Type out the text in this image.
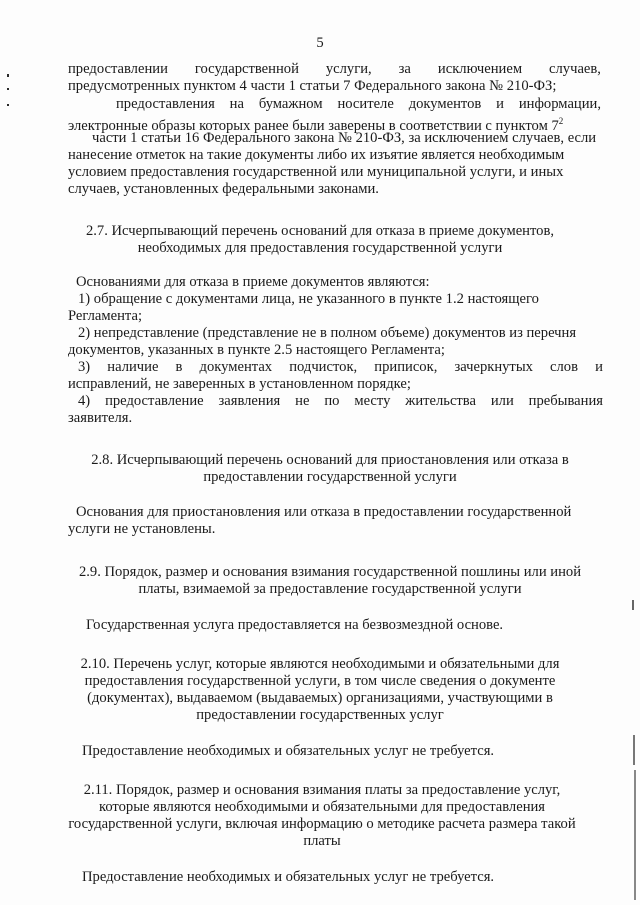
5
предоставлении государственной услуги, за исключением случаев,
предусмотренных пунктом 4 части 1 статьи 7 Федерального закона № 210-ФЗ;
предоставления на бумажном носителе документов и информации,
электронные образы которых ранее были заверены в соответствии с пунктом $7^2$
части 1 статьи 16 Федерального закона № 210-ФЗ, за исключением случаев, если
нанесение отметок на такие документы либо их изъятие является необходимым
условием предоставления государственной или муниципальной услуги, и иных
случаев, установленных федеральными законами.
2.7. Исчерпывающий перечень оснований для отказа в приеме документов,
необходимых для предоставления государственной услуги
Основаниями для отказа в приеме документов являются:
1) обращение с документами лица, не указанного в пункте 1.2 настоящего
Регламента;
2) непредставление (представление не в полном объеме) документов из перечня
документов, указанных в пункте 2.5 настоящего Регламента;
3) наличие в документах подчисток, приписок, зачеркнутых слов и
исправлений, не заверенных в установленном порядке;
4) предоставление заявления не по месту жительства или пребывания
заявителя.
2.8. Исчерпывающий перечень оснований для приостановления или отказа в
предоставлении государственной услуги
Основания для приостановления или отказа в предоставлении государственной
услуги не установлены.
2.9. Порядок, размер и основания взимания государственной пошлины или иной
платы, взимаемой за предоставление государственной услуги
Государственная услуга предоставляется на безвозмездной основе.
2.10. Перечень услуг, которые являются необходимыми и обязательными для
предоставления государственной услуги, в том числе сведения о документе
(документах), выдаваемом (выдаваемых) организациями, участвующими в
предоставлении государственных услуг
Предоставление необходимых и обязательных услуг не требуется.
2.11. Порядок, размер и основания взимания платы за предоставление услуг,
которые являются необходимыми и обязательными для предоставления
государственной услуги, включая информацию о методике расчета размера такой
платы
Предоставление необходимых и обязательных услуг не требуется.
